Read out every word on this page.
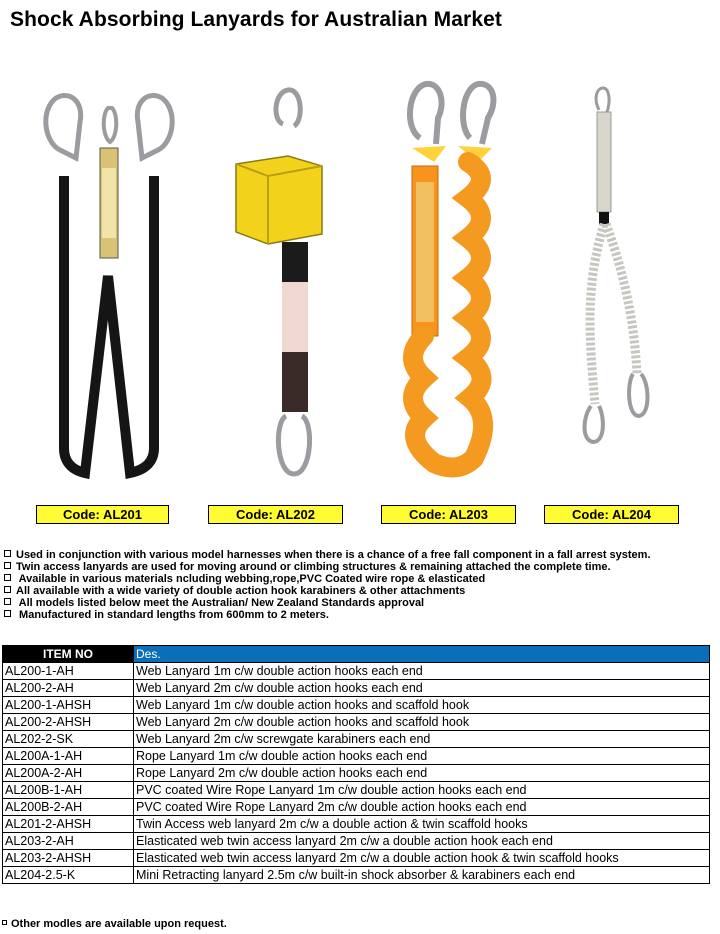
Shock Absorbing Lanyards for Australian Market
Code: AL201	Code: AL202	Code: AL203	Code: AL204
Used in conjunction with various model harnesses when there is a chance of a free fall component in a fall arrest system.
Twin access lanyards are used for moving around or climbing structures & remaining attached the complete time.
Available in various materials ncluding webbing,rope,PVC Coated wire rope & elasticated
All available with a wide variety of double action hook karabiners & other attachments
All models listed below meet the Australian/ New Zealand Standards approval
Manufactured in standard lengths from 600mm to 2 meters.
ITEM NO	Des.
AL200-1-AH	Web Lanyard 1m c/w double action hooks each end
AL200-2-AH	Web Lanyard 2m c/w double action hooks each end
AL200-1-AHSH	Web Lanyard 1m c/w double action hooks and scaffold hook
AL200-2-AHSH	Web Lanyard 2m c/w double action hooks and scaffold hook
AL202-2-SK	Web Lanyard 2m c/w screwgate karabiners each end
AL200A-1-AH	Rope Lanyard 1m c/w double action hooks each end
AL200A-2-AH	Rope Lanyard 2m c/w double action hooks each end
AL200B-1-AH	PVC coated Wire Rope Lanyard 1m c/w double action hooks each end
AL200B-2-AH	PVC coated Wire Rope Lanyard 2m c/w double action hooks each end
AL201-2-AHSH	Twin Access web lanyard 2m c/w a double action & twin scaffold hooks
AL203-2-AH	Elasticated web twin access lanyard 2m c/w a double action hook each end
AL203-2-AHSH	Elasticated web twin access lanyard 2m c/w a double action hook & twin scaffold hooks
AL204-2.5-K	Mini Retracting lanyard 2.5m c/w built-in shock absorber & karabiners each end
Other modles are available upon request.
